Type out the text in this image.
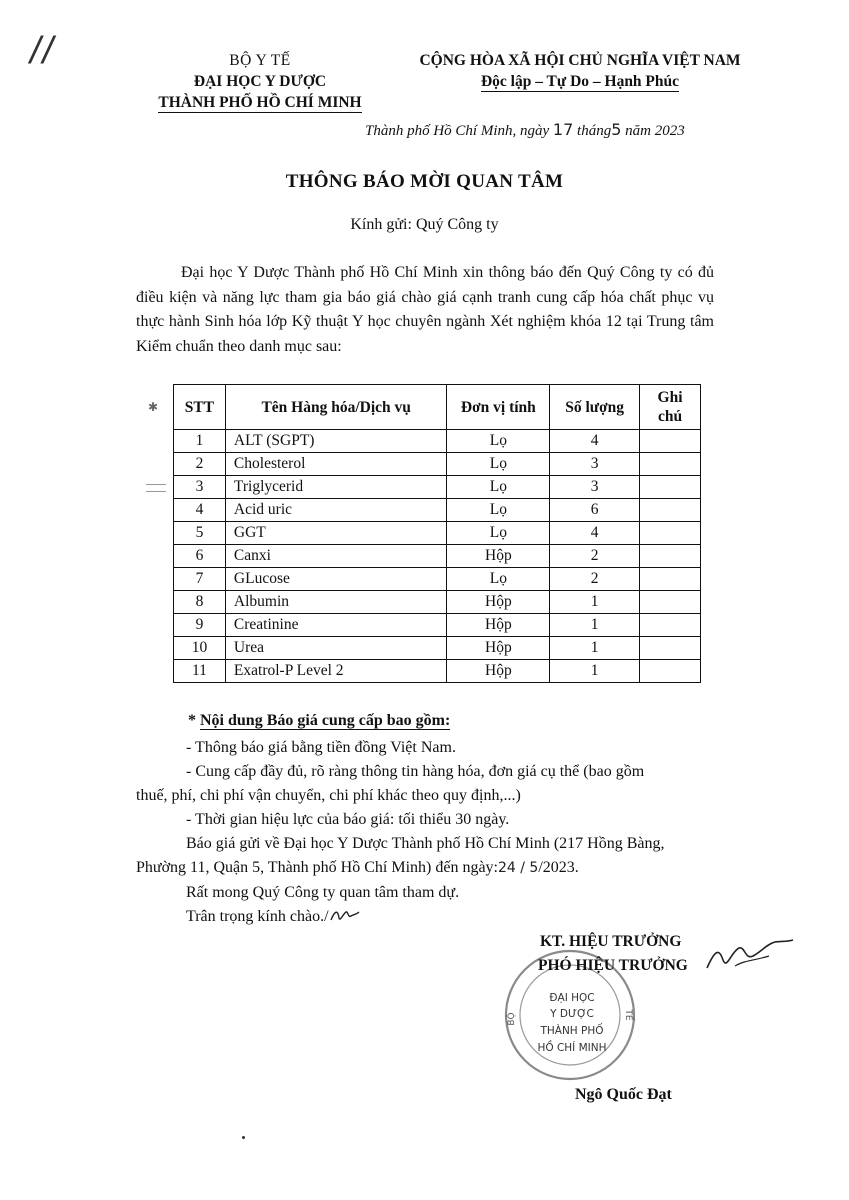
//	BỘ Y TẾ
ĐẠI HỌC Y DƯỢC
THÀNH PHỐ HỒ CHÍ MINH
CỘNG HÒA XÃ HỘI CHỦ NGHĨA VIỆT NAM
Độc lập – Tự Do – Hạnh Phúc
Thành phố Hồ Chí Minh, ngày 17 tháng5 năm 2023
THÔNG BÁO MỜI QUAN TÂM
Kính gửi: Quý Công ty
Đại học Y Dược Thành phố Hồ Chí Minh xin thông báo đến Quý Công ty có đủ điều kiện và năng lực tham gia báo giá chào giá cạnh tranh cung cấp hóa chất phục vụ thực hành Sinh hóa lớp Kỹ thuật Y học chuyên ngành Xét nghiệm khóa 12 tại Trung tâm Kiểm chuẩn theo danh mục sau:
✱	STT	Tên Hàng hóa/Dịch vụ	Đơn vị tính	Số lượng	Ghi
chú

1	ALT (SGPT)	Lọ	4	
2	Cholesterol	Lọ	3	
3	Triglycerid	Lọ	3	
4	Acid uric	Lọ	6	
5	GGT	Lọ	4	
6	Canxi	Hộp	2	
7	GLucose	Lọ	2	
8	Albumin	Hộp	1	
9	Creatinine	Hộp	1	
10	Urea	Hộp	1	
11	Exatrol-P Level 2	Hộp	1	
* Nội dung Báo giá cung cấp bao gồm:
- Thông báo giá bằng tiền đồng Việt Nam.
- Cung cấp đầy đủ, rõ ràng thông tin hàng hóa, đơn giá cụ thể (bao gồm
thuế, phí, chi phí vận chuyển, chi phí khác theo quy định,...)
- Thời gian hiệu lực của báo giá: tối thiểu 30 ngày.
Báo giá gửi về Đại học Y Dược Thành phố Hồ Chí Minh (217 Hồng Bàng,
Phường 11, Quận 5, Thành phố Hồ Chí Minh) đến ngày:24 / 5/2023.
Rất mong Quý Công ty quan tâm tham dự.
Trân trọng kính chào./
ĐẠI HỌC
Y DƯỢC
THÀNH PHỐ
HỒ CHÍ MINH
BỘ	TẾ
KT. HIỆU TRƯỞNG
PHÓ HIỆU TRƯỞNG
Ngô Quốc Đạt
